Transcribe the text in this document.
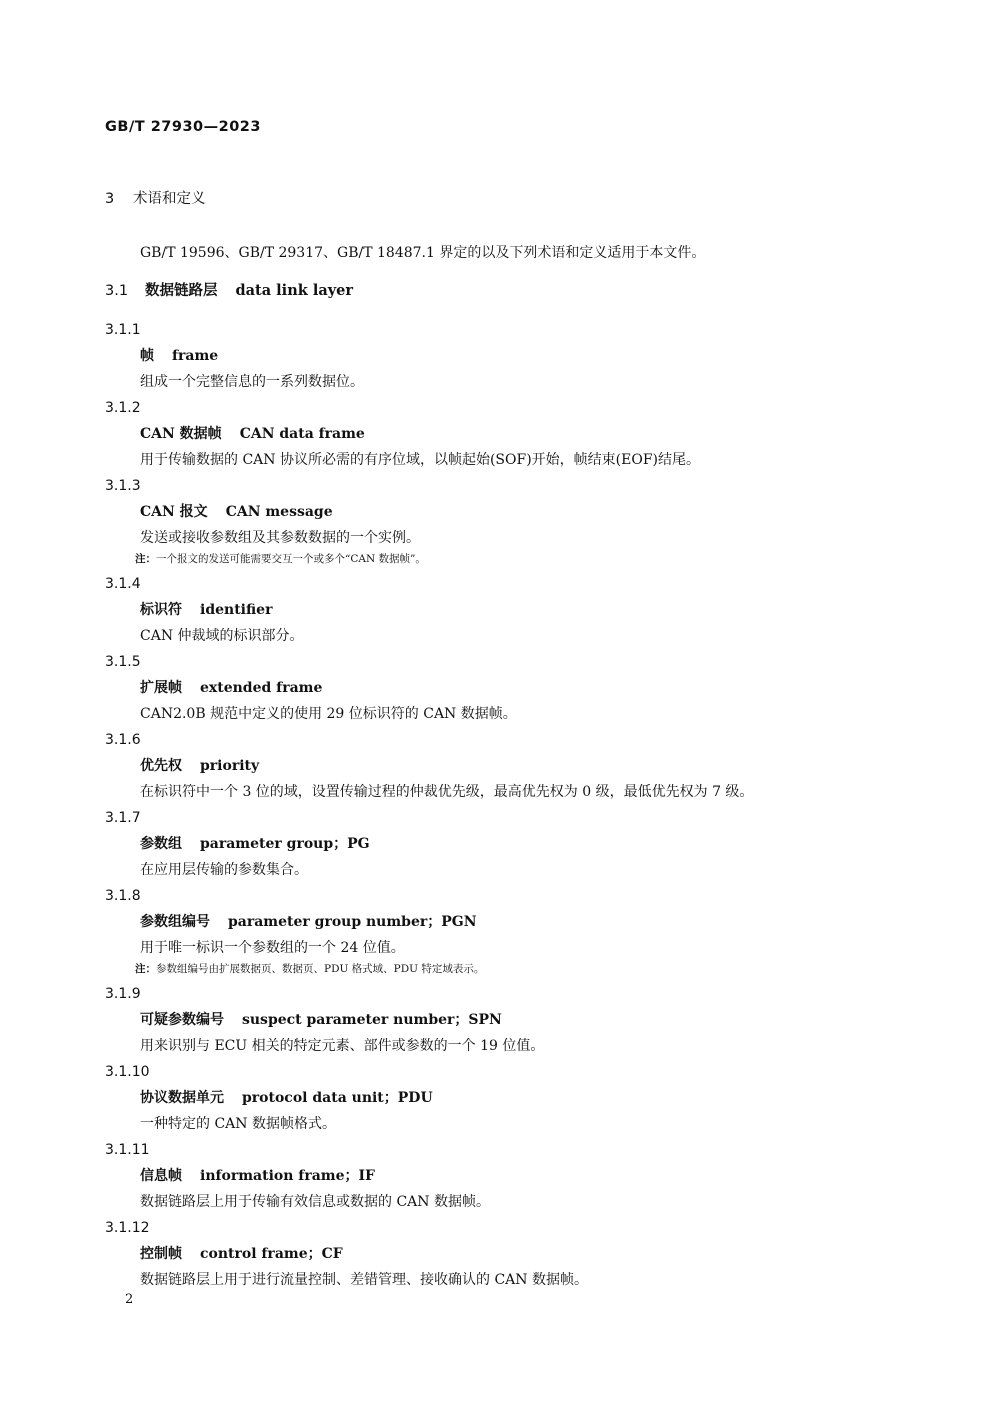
GB/T 27930—2023
3 术语和定义
GB/T 19596、GB/T 29317、GB/T 18487.1 界定的以及下列术语和定义适用于本文件。
3.1 数据链路层 data link layer
3.1.1
帧 frame
组成一个完整信息的一系列数据位。
3.1.2
CAN 数据帧 CAN data frame
用于传输数据的 CAN 协议所必需的有序位域，以帧起始(SOF)开始，帧结束(EOF)结尾。
3.1.3
CAN 报文 CAN message
发送或接收参数组及其参数数据的一个实例。
注：一个报文的发送可能需要交互一个或多个“CAN 数据帧”。
3.1.4
标识符 identifier
CAN 仲裁域的标识部分。
3.1.5
扩展帧 extended frame
CAN2.0B 规范中定义的使用 29 位标识符的 CAN 数据帧。
3.1.6
优先权 priority
在标识符中一个 3 位的域，设置传输过程的仲裁优先级，最高优先权为 0 级，最低优先权为 7 级。
3.1.7
参数组 parameter group；PG
在应用层传输的参数集合。
3.1.8
参数组编号 parameter group number；PGN
用于唯一标识一个参数组的一个 24 位值。
注：参数组编号由扩展数据页、数据页、PDU 格式域、PDU 特定域表示。
3.1.9
可疑参数编号 suspect parameter number；SPN
用来识别与 ECU 相关的特定元素、部件或参数的一个 19 位值。
3.1.10
协议数据单元 protocol data unit；PDU
一种特定的 CAN 数据帧格式。
3.1.11
信息帧 information frame；IF
数据链路层上用于传输有效信息或数据的 CAN 数据帧。
3.1.12
控制帧 control frame；CF
数据链路层上用于进行流量控制、差错管理、接收确认的 CAN 数据帧。
2
